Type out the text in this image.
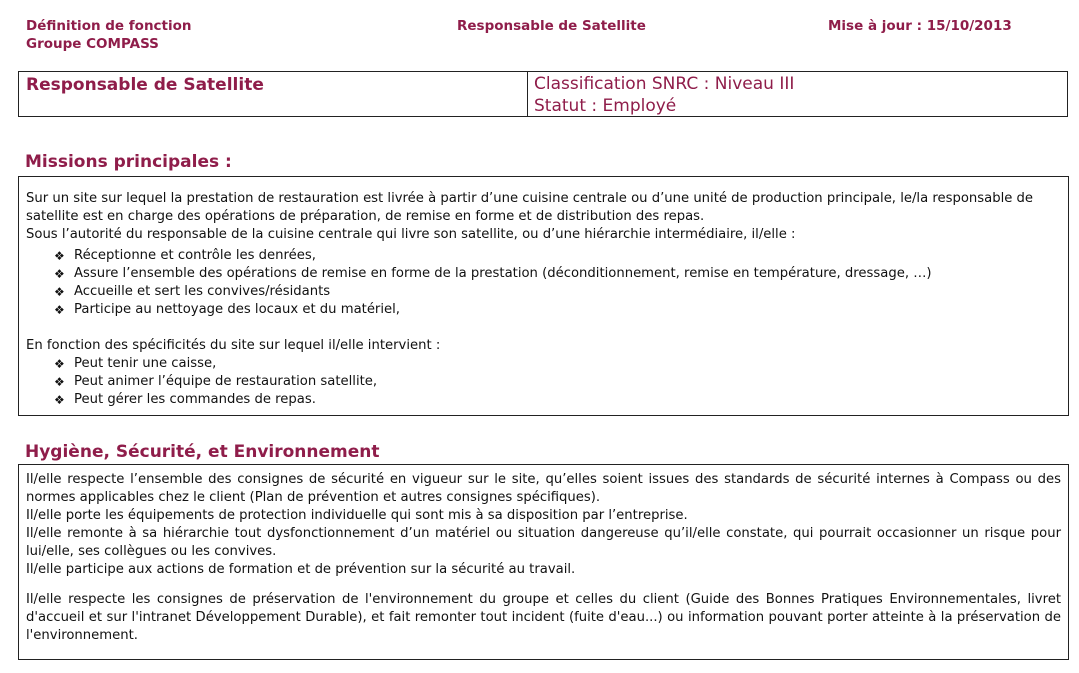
Définition de fonction
Groupe COMPASS
Responsable de Satellite	Mise à jour : 15/10/2013
Responsable de Satellite	Classification SNRC : Niveau III
Statut : Employé
Missions principales :

Sur un site sur lequel la prestation de restauration est livrée à partir d’une cuisine centrale ou d’une unité de production principale, le/la responsable de satellite est en charge des opérations de préparation, de remise en forme et de distribution des repas.

Sous l’autorité du responsable de la cuisine centrale qui livre son satellite, ou d’une hiérarchie intermédiaire, il/elle :

❖ Réceptionne et contrôle les denrées,
❖ Assure l’ensemble des opérations de remise en forme de la prestation (déconditionnement, remise en température, dressage, …)
❖ Accueille et sert les convives/résidants
❖ Participe au nettoyage des locaux et du matériel,

En fonction des spécificités du site sur lequel il/elle intervient :

❖ Peut tenir une caisse,
❖ Peut animer l’équipe de restauration satellite,
❖ Peut gérer les commandes de repas.
Hygiène, Sécurité, et Environnement

Il/elle respecte l’ensemble des consignes de sécurité en vigueur sur le site, qu’elles soient issues des standards de sécurité internes à Compass ou des normes applicables chez le client (Plan de prévention et autres consignes spécifiques).

Il/elle porte les équipements de protection individuelle qui sont mis à sa disposition par l’entreprise.

Il/elle remonte à sa hiérarchie tout dysfonctionnement d’un matériel ou situation dangereuse qu’il/elle constate, qui pourrait occasionner un risque pour lui/elle, ses collègues ou les convives.

Il/elle participe aux actions de formation et de prévention sur la sécurité au travail.

Il/elle respecte les consignes de préservation de l'environnement du groupe et celles du client (Guide des Bonnes Pratiques Environnementales, livret d'accueil et sur l'intranet Développement Durable), et fait remonter tout incident (fuite d'eau...) ou information pouvant porter atteinte à la préservation de l'environnement.
